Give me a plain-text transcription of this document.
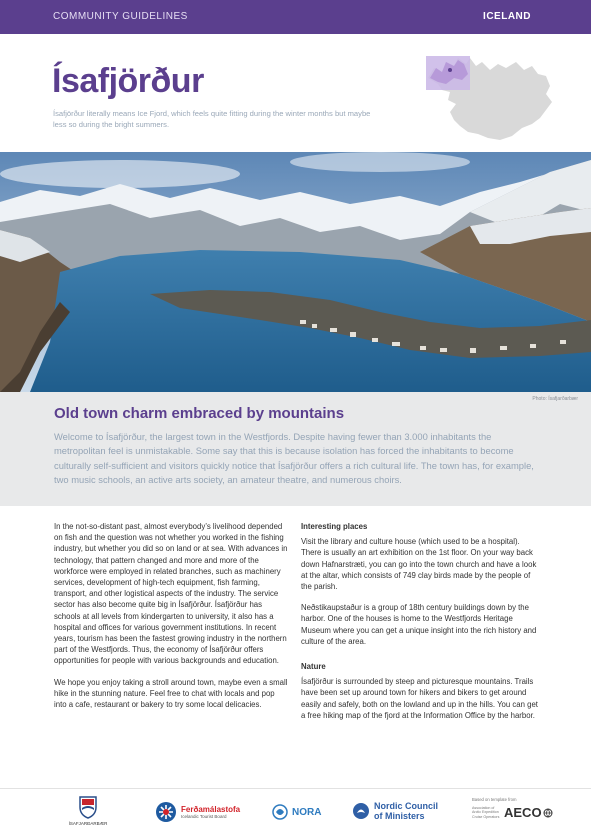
COMMUNITY GUIDELINES	ICELAND
Ísafjörður

Ísafjörður literally means Ice Fjord, which feels quite fitting during the winter months but maybe less so during the bright summers.

Photo: Ísafjarðarbær
Old town charm embraced by mountains

Welcome to Ísafjörður, the largest town in the Westfjords. Despite having fewer than 3.000 inhabitants the metropolitan feel is unmistakable. Some say that this is because isolation has forced the inhabitants to become culturally self-sufficient and visitors quickly notice that Ísafjörður offers a rich cultural life. The town has, for example, two music schools, an active arts society, an amateur theatre, and numerous choirs.

In the not-so-distant past, almost everybody’s livelihood depended on fish and the question was not whether you worked in the fishing industry, but whether you did so on land or at sea. With advances in technology, that pattern changed and more and more of the workforce were employed in related branches, such as machinery services, development of high-tech equipment, fish farming, transport, and other logistical aspects of the industry. The service sector has also become quite big in Ísafjörður. Ísafjörður has schools at all levels from kindergarten to university, it also has a hospital and offices for various government institutions. In recent years, tourism has been the fastest growing industry in the northern part of the Westfjords. Thus, the economy of Ísafjörður offers opportunities for people with various backgrounds and education.

We hope you enjoy taking a stroll around town, maybe even a small hike in the stunning nature. Feel free to chat with locals and pop into a cafe, restaurant or bakery to try some local delicacies.

Interesting places

Visit the library and culture house (which used to be a hospital). There is usually an art exhibition on the 1st floor. On your way back down Hafnarstræti, you can go into the town church and have a look at the altar, which consists of 749 clay birds made by the people of the parish.

Neðstikaupstaður is a group of 18th century buildings down by the harbor. One of the houses is home to the Westfjords Heritage Museum where you can get a unique insight into the rich history and culture of the area.

Nature

Ísafjörður is surrounded by steep and picturesque mountains. Trails have been set up around town for hikers and bikers to get around easily and safely, both on the lowland and up in the hills. You can get a free hiking map of the fjord at the Information Office by the harbor.

ÍSAFJARÐARBÆR
Ferðamálastofa
Icelandic Tourist Board	NORA
Nordic Council
of Ministers
Based on template from
Association of Arctic Expedition Cruise Operators AECO
